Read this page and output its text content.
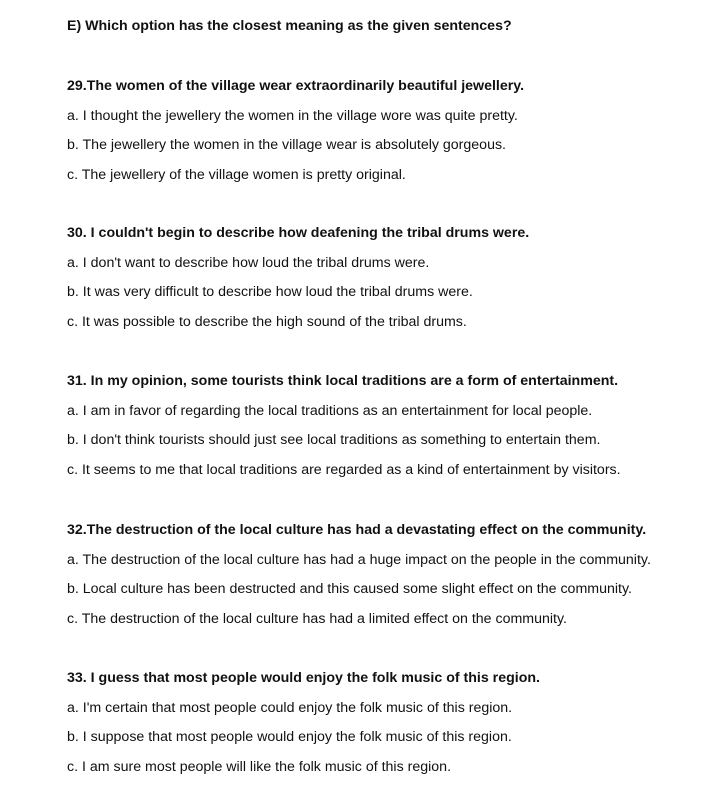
E) Which option has the closest meaning as the given sentences?
29.The women of the village wear extraordinarily beautiful jewellery.
a. I thought the jewellery the women in the village wore was quite pretty.
b. The jewellery the women in the village wear is absolutely gorgeous.
c. The jewellery of the village women is pretty original.
30. I couldn't begin to describe how deafening the tribal drums were.
a. I don't want to describe how loud the tribal drums were.
b. It was very difficult to describe how loud the tribal drums were.
c. It was possible to describe the high sound of the tribal drums.
31. In my opinion, some tourists think local traditions are a form of entertainment.
a. I am in favor of regarding the local traditions as an entertainment for local people.
b. I don't think tourists should just see local traditions as something to entertain them.
c. It seems to me that local traditions are regarded as a kind of entertainment by visitors.
32.The destruction of the local culture has had a devastating effect on the community.
a. The destruction of the local culture has had a huge impact on the people in the community.
b. Local culture has been destructed and this caused some slight effect on the community.
c. The destruction of the local culture has had a limited effect on the community.
33. I guess that most people would enjoy the folk music of this region.
a. I'm certain that most people could enjoy the folk music of this region.
b. I suppose that most people would enjoy the folk music of this region.
c. I am sure most people will like the folk music of this region.
